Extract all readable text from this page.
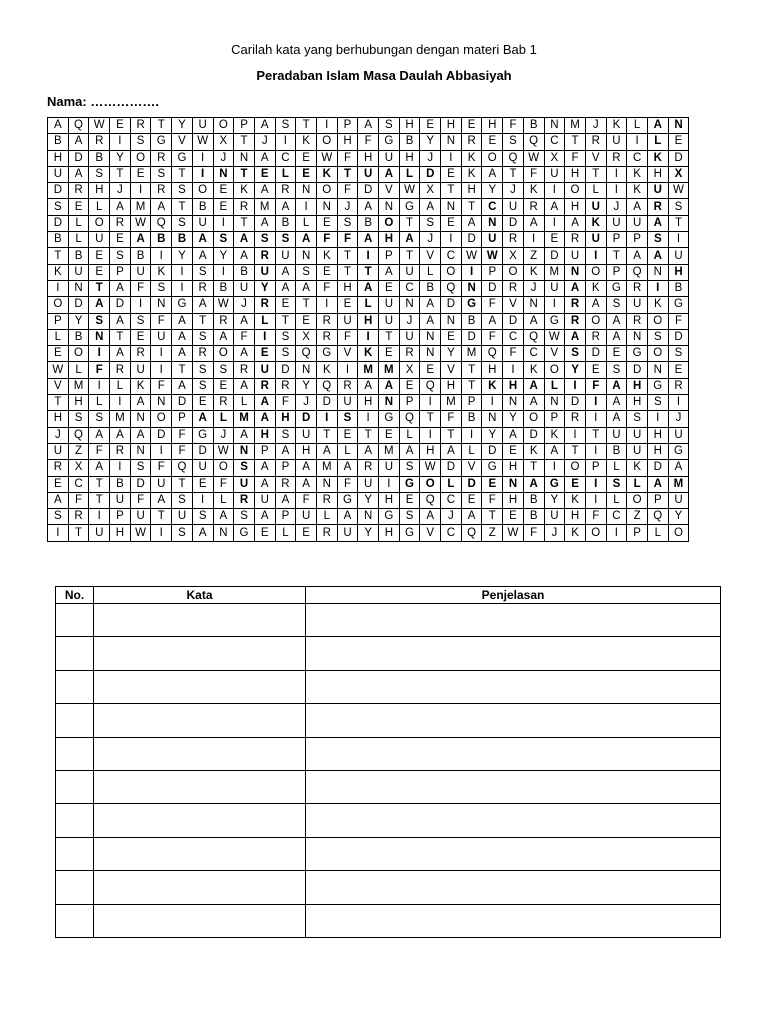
Carilah kata yang berhubungan dengan materi Bab 1
Peradaban Islam Masa Daulah Abbasiyah
Nama: …………….
A	Q	W	E	R	T	Y	U	O	P	A	S	T	I	P	A	S	H	E	H	E	H	F	B	N	M	J	K	L	A	N
B	A	R	I	S	G	V	W	X	T	J	I	K	O	H	F	G	B	Y	N	R	E	S	Q	C	T	R	U	I	L	E
H	D	B	Y	O	R	G	I	J	N	A	C	E	W	F	H	U	H	J	I	K	O	Q	W	X	F	V	R	C	K	D
U	A	S	T	E	S	T	I	N	T	E	L	E	K	T	U	A	L	D	E	K	A	T	F	U	H	T	I	K	H	X
D	R	H	J	I	R	S	O	E	K	A	R	N	O	F	D	V	W	X	T	H	Y	J	K	I	O	L	I	K	U	W
S	E	L	A	M	A	T	B	E	R	M	A	I	N	J	A	N	G	A	N	T	C	U	R	A	H	U	J	A	R	S
D	L	O	R	W	Q	S	U	I	T	A	B	L	E	S	B	O	T	S	E	A	N	D	A	I	A	K	U	U	A	T
B	L	U	E	A	B	B	A	S	A	S	S	A	F	F	A	H	A	J	I	D	U	R	I	E	R	U	P	P	S	I
T	B	E	S	B	I	Y	A	Y	A	R	U	N	K	T	I	P	T	V	C	W	W	X	Z	D	U	I	T	A	A	U
K	U	E	P	U	K	I	S	I	B	U	A	S	E	T	T	A	U	L	O	I	P	O	K	M	N	O	P	Q	N	H
I	N	T	A	F	S	I	R	B	U	Y	A	A	F	H	A	E	C	B	Q	N	D	R	J	U	A	K	G	R	I	B
O	D	A	D	I	N	G	A	W	J	R	E	T	I	E	L	U	N	A	D	G	F	V	N	I	R	A	S	U	K	G
P	Y	S	A	S	F	A	T	R	A	L	T	E	R	U	H	U	J	A	N	B	A	D	A	G	R	O	A	R	O	F
L	B	N	T	E	U	A	S	A	F	I	S	X	R	F	I	T	U	N	E	D	F	C	Q	W	A	R	A	N	S	D
E	O	I	A	R	I	A	R	O	A	E	S	Q	G	V	K	E	R	N	Y	M	Q	F	C	V	S	D	E	G	O	S
W	L	F	R	U	I	T	S	S	R	U	D	N	K	I	M	M	X	E	V	T	H	I	K	O	Y	E	S	D	N	E
V	M	I	L	K	F	A	S	E	A	R	R	Y	Q	R	A	A	E	Q	H	T	K	H	A	L	I	F	A	H	G	R
T	H	L	I	A	N	D	E	R	L	A	F	J	D	U	H	N	P	I	M	P	I	N	A	N	D	I	A	H	S	I
H	S	S	M	N	O	P	A	L	M	A	H	D	I	S	I	G	Q	T	F	B	N	Y	O	P	R	I	A	S	I	J
J	Q	A	A	A	D	F	G	J	A	H	S	U	T	E	T	E	L	I	T	I	Y	A	D	K	I	T	U	U	H	U
U	Z	F	R	N	I	F	D	W	N	P	A	H	A	L	A	M	A	H	A	L	D	E	K	A	T	I	B	U	H	G
R	X	A	I	S	F	Q	U	O	S	A	P	A	M	A	R	U	S	W	D	V	G	H	T	I	O	P	L	K	D	A
E	C	T	B	D	U	T	E	F	U	A	R	A	N	F	U	I	G	O	L	D	E	N	A	G	E	I	S	L	A	M
A	F	T	U	F	A	S	I	L	R	U	A	F	R	G	Y	H	E	Q	C	E	F	H	B	Y	K	I	L	O	P	U
S	R	I	P	U	T	U	S	A	S	A	P	U	L	A	N	G	S	A	J	A	T	E	B	U	H	F	C	Z	Q	Y
I	T	U	H	W	I	S	A	N	G	E	L	E	R	U	Y	H	G	V	C	Q	Z	W	F	J	K	O	I	P	L	O
No.	Kata	Penjelasan
